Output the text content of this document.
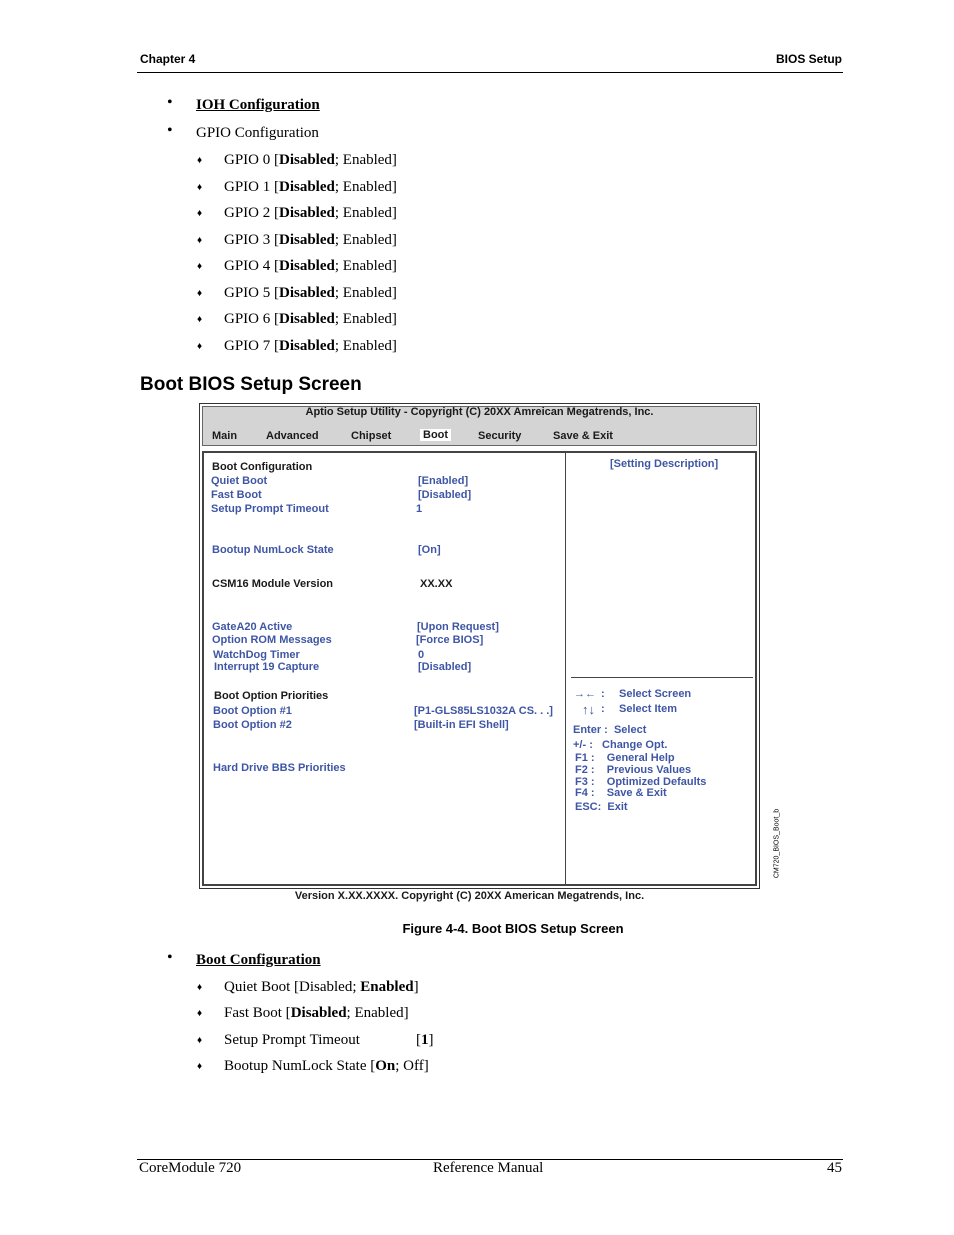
Chapter 4	BIOS Setup
• IOH Configuration
• GPIO Configuration
♦ GPIO 0 [Disabled; Enabled]
♦ GPIO 1 [Disabled; Enabled]
♦ GPIO 2 [Disabled; Enabled]
♦ GPIO 3 [Disabled; Enabled]
♦ GPIO 4 [Disabled; Enabled]
♦ GPIO 5 [Disabled; Enabled]
♦ GPIO 6 [Disabled; Enabled]
♦ GPIO 7 [Disabled; Enabled]
Boot BIOS Setup Screen
Aptio Setup Utility - Copyright (C) 20XX Amreican Megatrends, Inc.
Main	Advanced	Chipset	Boot	Security	Save & Exit
Boot Configuration
Quiet Boot	[Enabled]
Fast Boot	[Disabled]
Setup Prompt Timeout	1
Bootup NumLock State	[On]
CSM16 Module Version	XX.XX
GateA20 Active	[Upon Request]
Option ROM Messages	[Force BIOS]
WatchDog Timer	0
Interrupt 19 Capture	[Disabled]
Boot Option Priorities
Boot Option #1	[P1-GLS85LS1032A CS. . .]
Boot Option #2	[Built-in EFI Shell]
Hard Drive BBS Priorities
[Setting Description]
→← : Select Screen
↑↓ : Select Item
Enter :  Select
+/- :   Change Opt.
F1 :    General Help
F2 :    Previous Values
F3 :    Optimized Defaults
F4 :    Save & Exit
ESC:  Exit
CM720_BIOS_Boot_b
Version X.XX.XXXX. Copyright (C) 20XX American Megatrends, Inc.
Figure 4-4. Boot BIOS Setup Screen
• Boot Configuration
♦ Quiet Boot [Disabled; Enabled]
♦ Fast Boot [Disabled; Enabled]
♦ Setup Prompt Timeout	[1]
♦ Bootup NumLock State [On; Off]
CoreModule 720	Reference Manual	45
